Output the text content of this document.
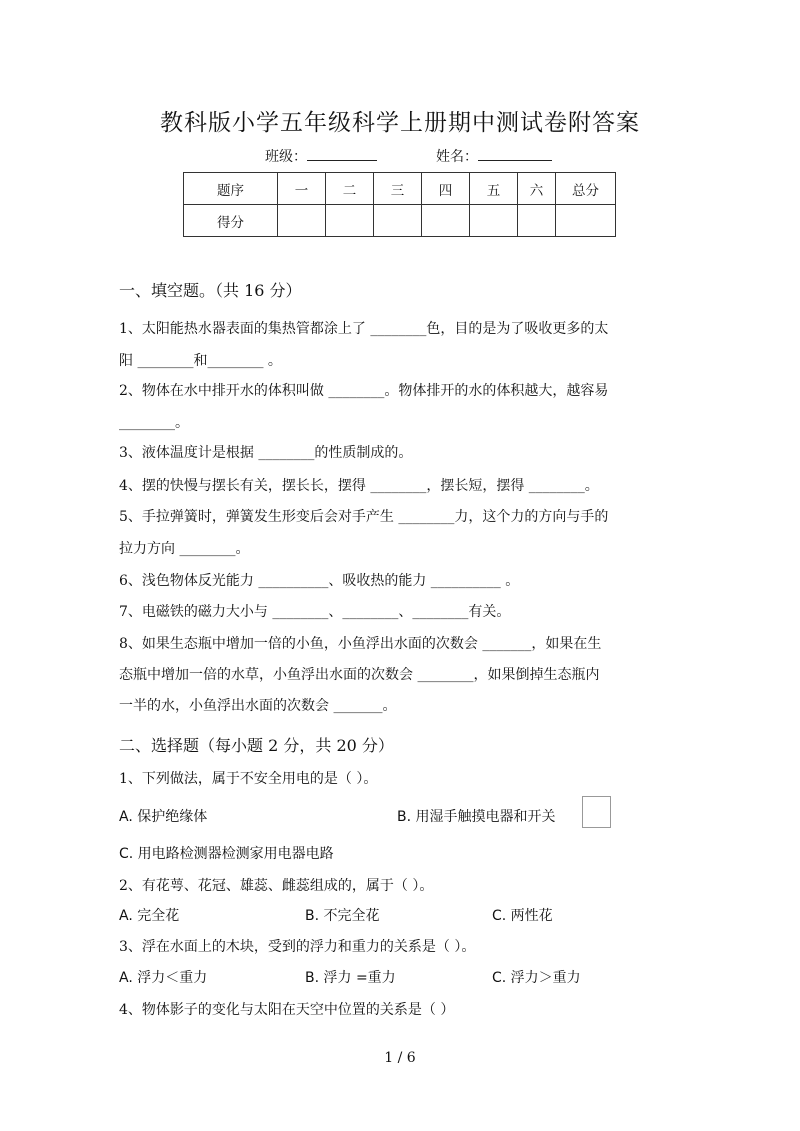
教科版小学五年级科学上册期中测试卷附答案
班级：	姓名：
题序	一	二	三	四	五	六	总分
得分							
一、填空题。（共 16 分）
1、太阳能热水器表面的集热管都涂上了 ________色，目的是为了吸收更多的太
阳 ________和________ 。
2、物体在水中排开水的体积叫做 ________。物体排开的水的体积越大，越容易
________。
3、液体温度计是根据 ________的性质制成的。
4、摆的快慢与摆长有关，摆长长，摆得 ________，摆长短，摆得 ________。
5、手拉弹簧时，弹簧发生形变后会对手产生 ________力，这个力的方向与手的
拉力方向 ________。
6、浅色物体反光能力 __________、吸收热的能力 __________ 。
7、电磁铁的磁力大小与 ________、________、________有关。
8、如果生态瓶中增加一倍的小鱼，小鱼浮出水面的次数会 _______，如果在生
态瓶中增加一倍的水草，小鱼浮出水面的次数会 ________，如果倒掉生态瓶内
一半的水，小鱼浮出水面的次数会 _______。
二、选择题（每小题 2 分，共 20 分）
1、下列做法，属于不安全用电的是（ ）。
A. 保护绝缘体	B. 用湿手触摸电器和开关
C. 用电路检测器检测家用电器电路
2、有花萼、花冠、雄蕊、雌蕊组成的，属于（ ）。
A. 完全花	B. 不完全花	C. 两性花
3、浮在水面上的木块，受到的浮力和重力的关系是（ ）。
A. 浮力＜重力	B. 浮力 =重力	C. 浮力＞重力
4、物体影子的变化与太阳在天空中位置的关系是（ ）
1 / 6
